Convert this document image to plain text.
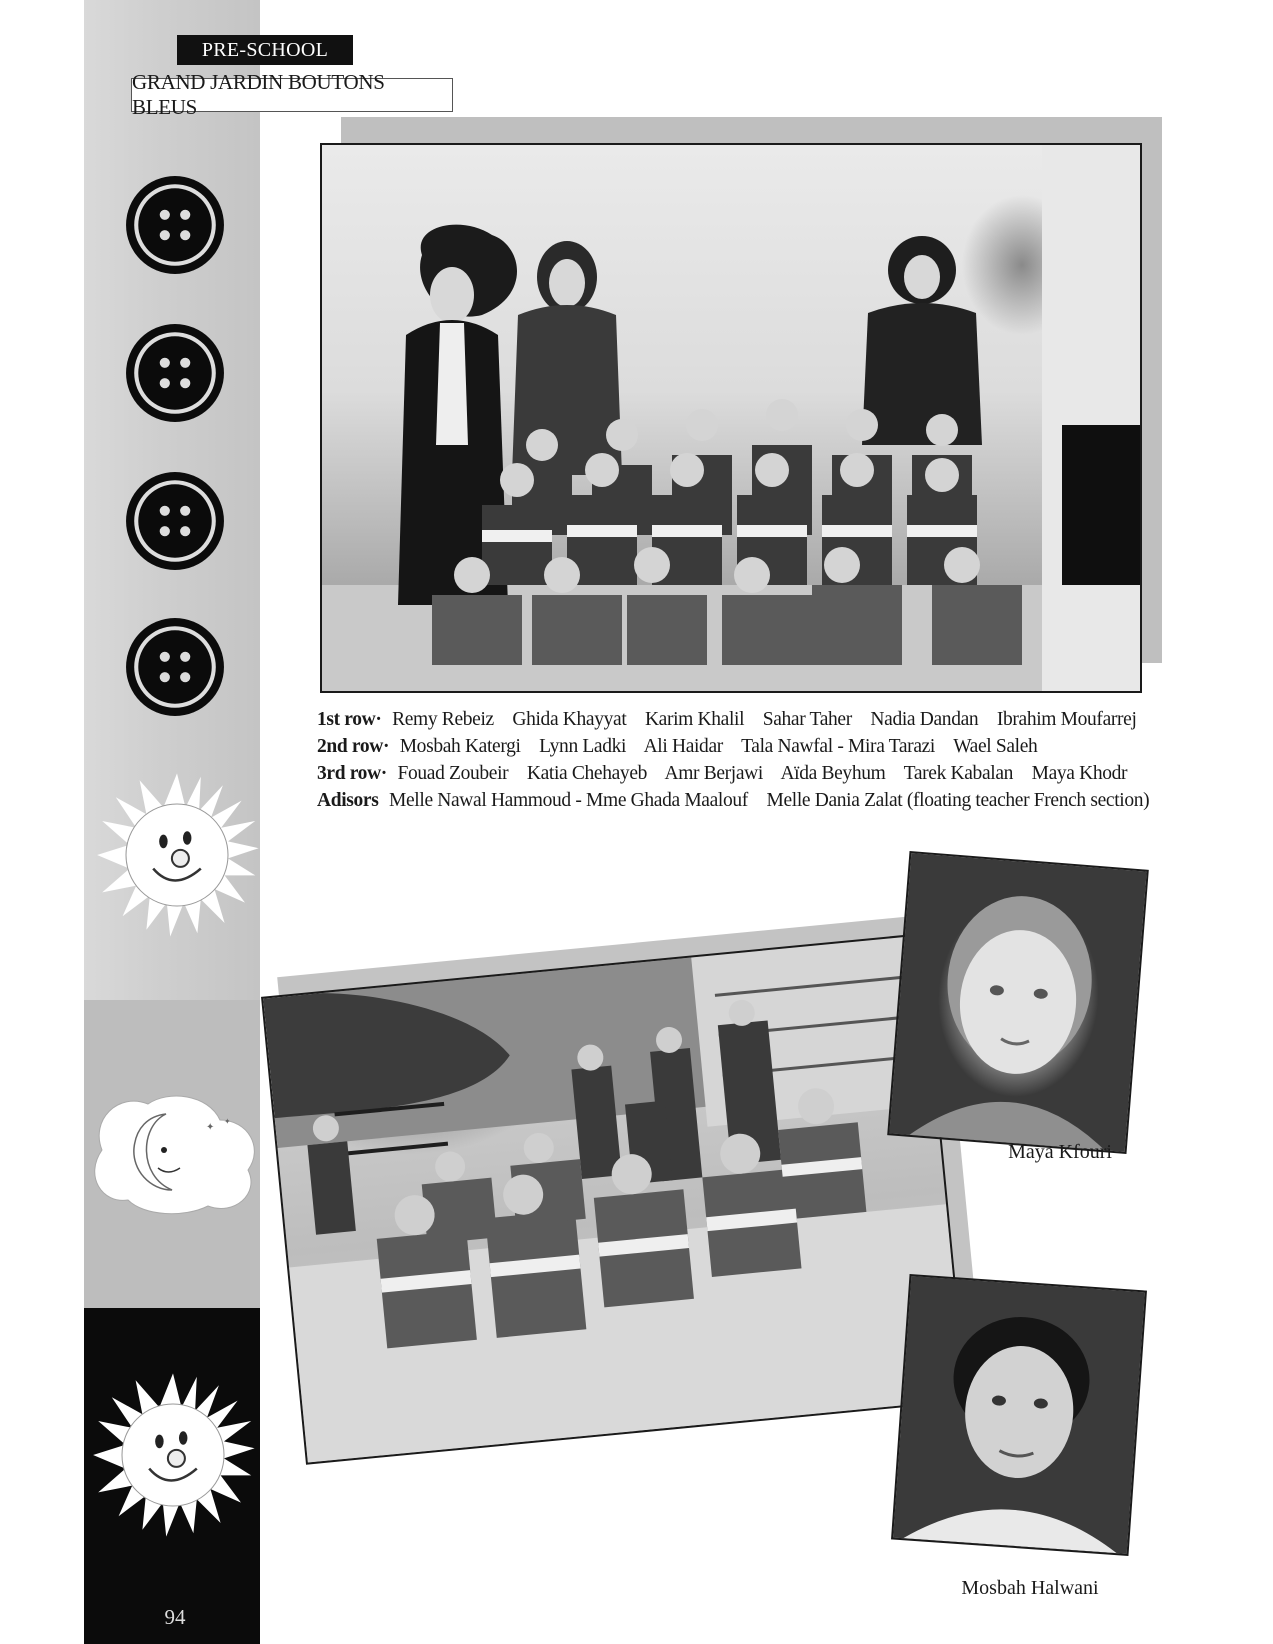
PRE-SCHOOL
GRAND JARDIN BOUTONS BLEUS
✦
✦
94
1st row· Remy Rebeiz Ghida Khayyat Karim Khalil Sahar Taher Nadia Dandan Ibrahim Moufarrej
2nd row· Mosbah Katergi Lynn Ladki Ali Haidar Tala Nawfal - Mira Tarazi Wael Saleh
3rd row· Fouad Zoubeir Katia Chehayeb Amr Berjawi Aïda Beyhum Tarek Kabalan Maya Khodr
Adisors Melle Nawal Hammoud - Mme Ghada Maalouf Melle Dania Zalat (floating teacher French section)
Maya Kfouri
Mosbah Halwani
